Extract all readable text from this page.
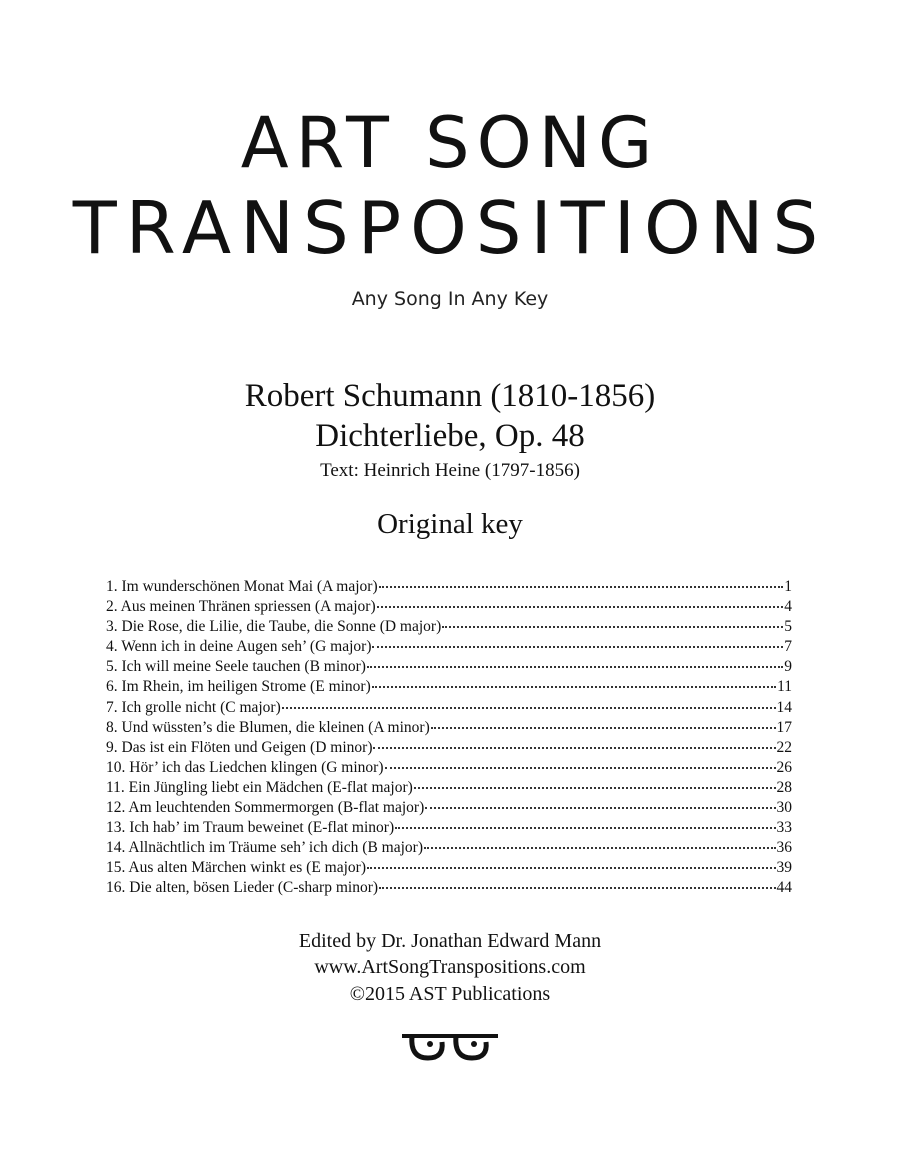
ART SONG
TRANSPOSITIONS
Any Song In Any Key
Robert Schumann (1810-1856)
Dichterliebe, Op. 48
Text: Heinrich Heine (1797-1856)
Original key
1. Im wunderschönen Monat Mai (A major)	1
2. Aus meinen Thränen spriessen (A major)	4
3. Die Rose, die Lilie, die Taube, die Sonne (D major)	5
4. Wenn ich in deine Augen seh’ (G major)	7
5. Ich will meine Seele tauchen (B minor)	9
6. Im Rhein, im heiligen Strome (E minor)	11
7. Ich grolle nicht (C major)	14
8. Und wüssten’s die Blumen, die kleinen (A minor)	17
9. Das ist ein Flöten und Geigen (D minor)	22
10. Hör’ ich das Liedchen klingen (G minor)	26
11. Ein Jüngling liebt ein Mädchen (E-flat major)	28
12. Am leuchtenden Sommermorgen (B-flat major)	30
13. Ich hab’ im Traum beweinet (E-flat minor)	33
14. Allnächtlich im Träume seh’ ich dich (B major)	36
15. Aus alten Märchen winkt es (E major)	39
16. Die alten, bösen Lieder (C-sharp minor)	44
Edited by Dr. Jonathan Edward Mann
www.ArtSongTranspositions.com
©2015 AST Publications
